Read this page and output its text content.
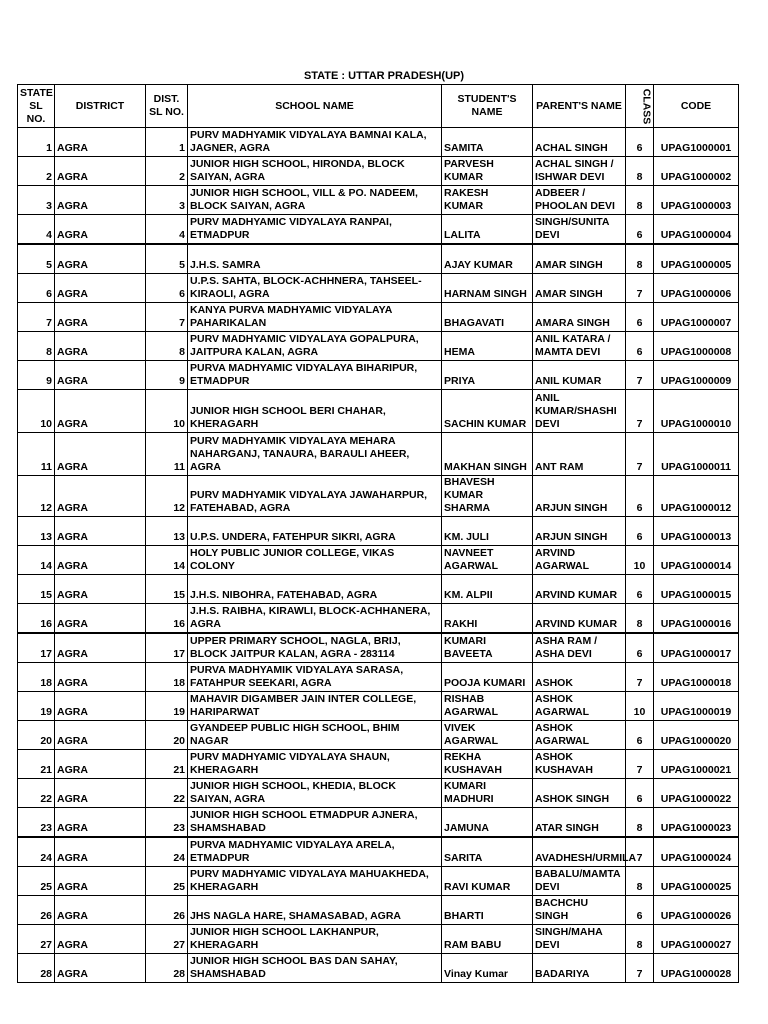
STATE : UTTAR PRADESH(UP)
STATE SL NO.	DISTRICT	DIST. SL NO.	SCHOOL NAME	STUDENT'S NAME	PARENT'S NAME	CLASS	CODE
1	AGRA	1	PURV MADHYAMIK VIDYALAYA BAMNAI KALA, JAGNER, AGRA	SAMITA	ACHAL SINGH	6	UPAG1000001
2	AGRA	2	JUNIOR HIGH SCHOOL, HIRONDA, BLOCK SAIYAN, AGRA	PARVESH KUMAR	ACHAL SINGH / ISHWAR DEVI	8	UPAG1000002
3	AGRA	3	JUNIOR HIGH SCHOOL, VILL & PO. NADEEM, BLOCK SAIYAN, AGRA	RAKESH KUMAR	ADBEER / PHOOLAN DEVI	8	UPAG1000003
4	AGRA	4	PURV MADHYAMIC VIDYALAYA RANPAI, ETMADPUR	LALITA	SINGH/SUNITA DEVI	6	UPAG1000004
5	AGRA	5	J.H.S. SAMRA	AJAY KUMAR	AMAR SINGH	8	UPAG1000005
6	AGRA	6	U.P.S. SAHTA, BLOCK-ACHHNERA, TAHSEEL-KIRAOLI, AGRA	HARNAM SINGH	AMAR SINGH	7	UPAG1000006
7	AGRA	7	KANYA PURVA MADHYAMIC VIDYALAYA PAHARIKALAN	BHAGAVATI	AMARA SINGH	6	UPAG1000007
8	AGRA	8	PURV MADHYAMIC VIDYALAYA GOPALPURA, JAITPURA KALAN, AGRA	HEMA	ANIL KATARA / MAMTA DEVI	6	UPAG1000008
9	AGRA	9	PURVA MADHYAMIC VIDYALAYA BIHARIPUR, ETMADPUR	PRIYA	ANIL KUMAR	7	UPAG1000009
10	AGRA	10	JUNIOR HIGH SCHOOL BERI CHAHAR, KHERAGARH	SACHIN KUMAR	ANIL KUMAR/SHASHI DEVI	7	UPAG1000010
11	AGRA	11	PURV MADHYAMIK VIDYALAYA MEHARA NAHARGANJ, TANAURA, BARAULI AHEER, AGRA	MAKHAN SINGH	ANT RAM	7	UPAG1000011
12	AGRA	12	PURV MADHYAMIK VIDYALAYA JAWAHARPUR, FATEHABAD, AGRA	BHAVESH KUMAR SHARMA	ARJUN SINGH	6	UPAG1000012
13	AGRA	13	U.P.S. UNDERA, FATEHPUR SIKRI, AGRA	KM. JULI	ARJUN SINGH	6	UPAG1000013
14	AGRA	14	HOLY PUBLIC JUNIOR COLLEGE, VIKAS COLONY	NAVNEET AGARWAL	ARVIND AGARWAL	10	UPAG1000014
15	AGRA	15	J.H.S. NIBOHRA, FATEHABAD, AGRA	KM. ALPII	ARVIND KUMAR	6	UPAG1000015
16	AGRA	16	J.H.S. RAIBHA, KIRAWLI, BLOCK-ACHHANERA, AGRA	RAKHI	ARVIND KUMAR	8	UPAG1000016
17	AGRA	17	UPPER PRIMARY SCHOOL, NAGLA, BRIJ, BLOCK JAITPUR KALAN, AGRA - 283114	KUMARI BAVEETA	ASHA RAM / ASHA DEVI	6	UPAG1000017
18	AGRA	18	PURVA MADHYAMIK VIDYALAYA SARASA, FATAHPUR SEEKARI, AGRA	POOJA KUMARI	ASHOK	7	UPAG1000018
19	AGRA	19	MAHAVIR DIGAMBER JAIN INTER COLLEGE, HARIPARWAT	RISHAB AGARWAL	ASHOK AGARWAL	10	UPAG1000019
20	AGRA	20	GYANDEEP PUBLIC HIGH SCHOOL, BHIM NAGAR	VIVEK AGARWAL	ASHOK AGARWAL	6	UPAG1000020
21	AGRA	21	PURV MADHYAMIC VIDYALAYA SHAUN, KHERAGARH	REKHA KUSHAVAH	ASHOK KUSHAVAH	7	UPAG1000021
22	AGRA	22	JUNIOR HIGH SCHOOL, KHEDIA, BLOCK SAIYAN, AGRA	KUMARI MADHURI	ASHOK SINGH	6	UPAG1000022
23	AGRA	23	JUNIOR HIGH SCHOOL ETMADPUR AJNERA, SHAMSHABAD	JAMUNA	ATAR SINGH	8	UPAG1000023
24	AGRA	24	PURVA MADHYAMIC VIDYALAYA ARELA, ETMADPUR	SARITA	AVADHESH/URMILA	7	UPAG1000024
25	AGRA	25	PURV MADHYAMIC VIDYALAYA MAHUAKHEDA, KHERAGARH	RAVI KUMAR	BABALU/MAMTA DEVI	8	UPAG1000025
26	AGRA	26	JHS NAGLA HARE, SHAMASABAD, AGRA	BHARTI	BACHCHU SINGH	6	UPAG1000026
27	AGRA	27	JUNIOR HIGH SCHOOL LAKHANPUR, KHERAGARH	RAM BABU	SINGH/MAHA DEVI	8	UPAG1000027
28	AGRA	28	JUNIOR HIGH SCHOOL BAS DAN SAHAY, SHAMSHABAD	Vinay Kumar	BADARIYA	7	UPAG1000028
